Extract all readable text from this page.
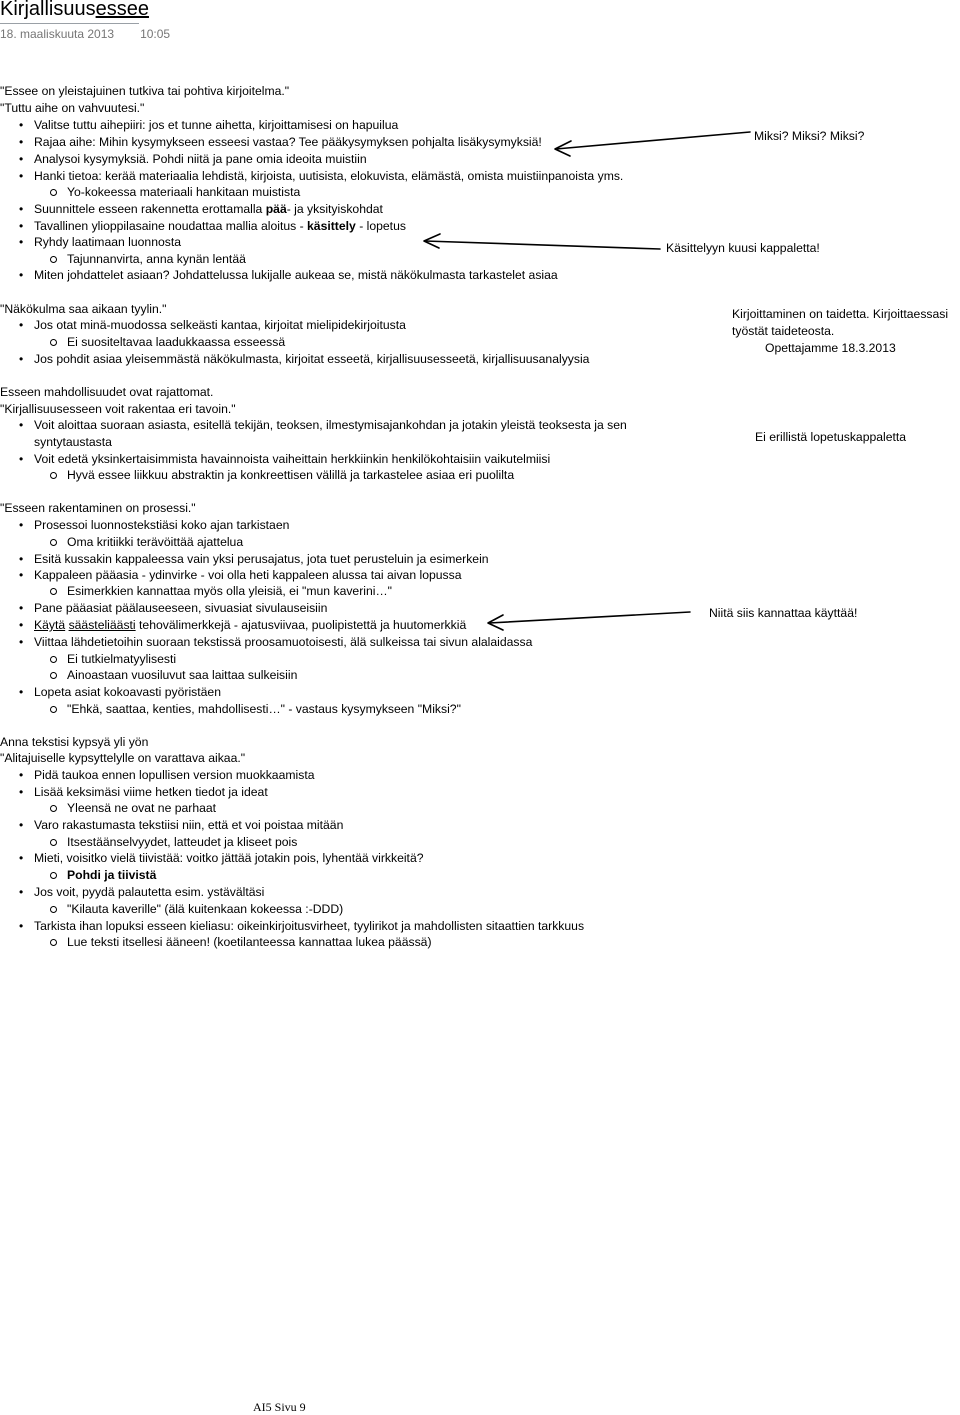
Kirjallisuusessee
18. maaliskuuta 2013 10:05
"Essee on yleistajuinen tutkiva tai pohtiva kirjoitelma."
"Tuttu aihe on vahvuutesi."
• Valitse tuttu aihepiiri: jos et tunne aihetta, kirjoittamisesi on hapuilua
• Rajaa aihe: Mihin kysymykseen esseesi vastaa? Tee pääkysymyksen pohjalta lisäkysymyksiä!
• Analysoi kysymyksiä. Pohdi niitä ja pane omia ideoita muistiin
• Hanki tietoa: kerää materiaalia lehdistä, kirjoista, uutisista, elokuvista, elämästä, omista muistiinpanoista yms.
Yo-kokeessa materiaali hankitaan muistista
• Suunnittele esseen rakennetta erottamalla pää- ja yksityiskohdat
• Tavallinen ylioppilasaine noudattaa mallia aloitus - käsittely - lopetus
• Ryhdy laatimaan luonnosta
Tajunnanvirta, anna kynän lentää
• Miten johdattelet asiaan? Johdattelussa lukijalle aukeaa se, mistä näkökulmasta tarkastelet asiaa
"Näkökulma saa aikaan tyylin."
• Jos otat minä-muodossa selkeästi kantaa, kirjoitat mielipidekirjoitusta
Ei suositeltavaa laadukkaassa esseessä
• Jos pohdit asiaa yleisemmästä näkökulmasta, kirjoitat esseetä, kirjallisuusesseetä, kirjallisuusanalyysia
Esseen mahdollisuudet ovat rajattomat.
"Kirjallisuusesseen voit rakentaa eri tavoin."
• Voit aloittaa suoraan asiasta, esitellä tekijän, teoksen, ilmestymisajankohdan ja jotakin yleistä teoksesta ja sen
syntytaustasta
• Voit edetä yksinkertaisimmista havainnoista vaiheittain herkkiinkin henkilökohtaisiin vaikutelmiisi
Hyvä essee liikkuu abstraktin ja konkreettisen välillä ja tarkastelee asiaa eri puolilta
"Esseen rakentaminen on prosessi."
• Prosessoi luonnostekstiäsi koko ajan tarkistaen
Oma kritiikki terävöittää ajattelua
• Esitä kussakin kappaleessa vain yksi perusajatus, jota tuet perusteluin ja esimerkein
• Kappaleen pääasia - ydinvirke - voi olla heti kappaleen alussa tai aivan lopussa
Esimerkkien kannattaa myös olla yleisiä, ei "mun kaverini…"
• Pane pääasiat päälauseeseen, sivuasiat sivulauseisiin
• Käytä säästeliäästi tehovälimerkkejä - ajatusviivaa, puolipistettä ja huutomerkkiä
• Viittaa lähdetietoihin suoraan tekstissä proosamuotoisesti, älä sulkeissa tai sivun alalaidassa
Ei tutkielmatyylisesti
Ainoastaan vuosiluvut saa laittaa sulkeisiin
• Lopeta asiat kokoavasti pyöristäen
"Ehkä, saattaa, kenties, mahdollisesti…" - vastaus kysymykseen "Miksi?"
Anna tekstisi kypsyä yli yön
"Alitajuiselle kypsyttelylle on varattava aikaa."
• Pidä taukoa ennen lopullisen version muokkaamista
• Lisää keksimäsi viime hetken tiedot ja ideat
Yleensä ne ovat ne parhaat
• Varo rakastumasta tekstiisi niin, että et voi poistaa mitään
Itsestäänselvyydet, latteudet ja kliseet pois
• Mieti, voisitko vielä tiivistää: voitko jättää jotakin pois, lyhentää virkkeitä?
Pohdi ja tiivistä
• Jos voit, pyydä palautetta esim. ystävältäsi
"Kilauta kaverille" (älä kuitenkaan kokeessa :-DDD)
• Tarkista ihan lopuksi esseen kieliasu: oikeinkirjoitusvirheet, tyylirikot ja mahdollisten sitaattien tarkkuus
Lue teksti itsellesi ääneen! (koetilanteessa kannattaa lukea päässä)
Miksi? Miksi? Miksi?
Käsittelyyn kuusi kappaletta!
Kirjoittaminen on taidetta. Kirjoittaessasi
työstät taideteosta.
Opettajamme 18.3.2013
Ei erillistä lopetuskappaletta
Niitä siis kannattaa käyttää!
AI5 Sivu 9
